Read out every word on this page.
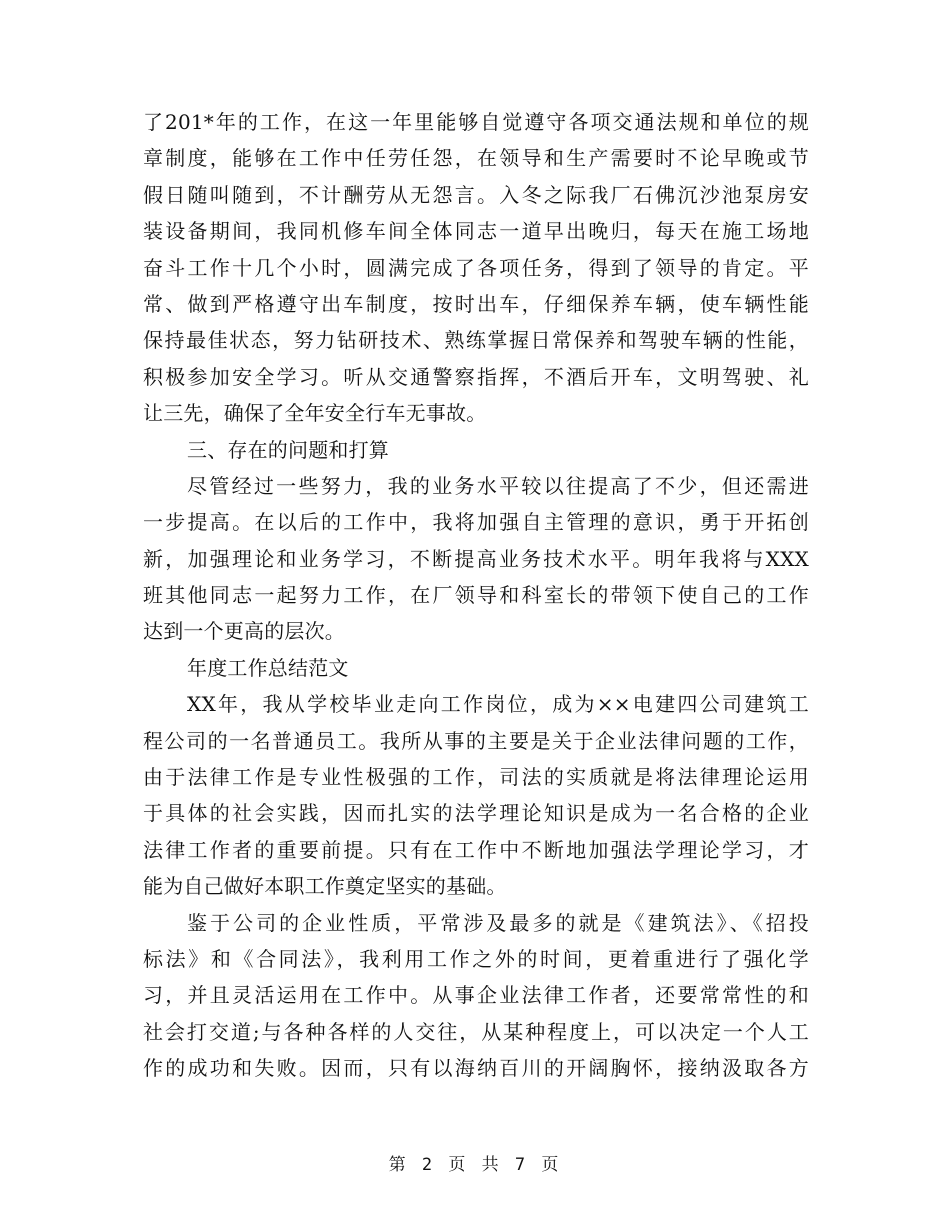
了201*年的工作，在这一年里能够自觉遵守各项交通法规和单位的规
章制度，能够在工作中任劳任怨，在领导和生产需要时不论早晚或节
假日随叫随到，不计酬劳从无怨言。入冬之际我厂石佛沉沙池泵房安
装设备期间，我同机修车间全体同志一道早出晚归，每天在施工场地
奋斗工作十几个小时，圆满完成了各项任务，得到了领导的肯定。平
常、做到严格遵守出车制度，按时出车，仔细保养车辆，使车辆性能
保持最佳状态，努力钻研技术、熟练掌握日常保养和驾驶车辆的性能，
积极参加安全学习。听从交通警察指挥，不酒后开车，文明驾驶、礼
让三先，确保了全年安全行车无事故。
三、存在的问题和打算
尽管经过一些努力，我的业务水平较以往提高了不少，但还需进
一步提高。在以后的工作中，我将加强自主管理的意识，勇于开拓创
新，加强理论和业务学习，不断提高业务技术水平。明年我将与XXX
班其他同志一起努力工作，在厂领导和科室长的带领下使自己的工作
达到一个更高的层次。
年度工作总结范文
XX年，我从学校毕业走向工作岗位，成为××电建四公司建筑工
程公司的一名普通员工。我所从事的主要是关于企业法律问题的工作，
由于法律工作是专业性极强的工作，司法的实质就是将法律理论运用
于具体的社会实践，因而扎实的法学理论知识是成为一名合格的企业
法律工作者的重要前提。只有在工作中不断地加强法学理论学习，才
能为自己做好本职工作奠定坚实的基础。
鉴于公司的企业性质，平常涉及最多的就是《建筑法》、《招投
标法》和《合同法》，我利用工作之外的时间，更着重进行了强化学
习，并且灵活运用在工作中。从事企业法律工作者，还要常常性的和
社会打交道;与各种各样的人交往，从某种程度上，可以决定一个人工
作的成功和失败。因而，只有以海纳百川的开阔胸怀，接纳汲取各方
第 2 页 共 7 页
